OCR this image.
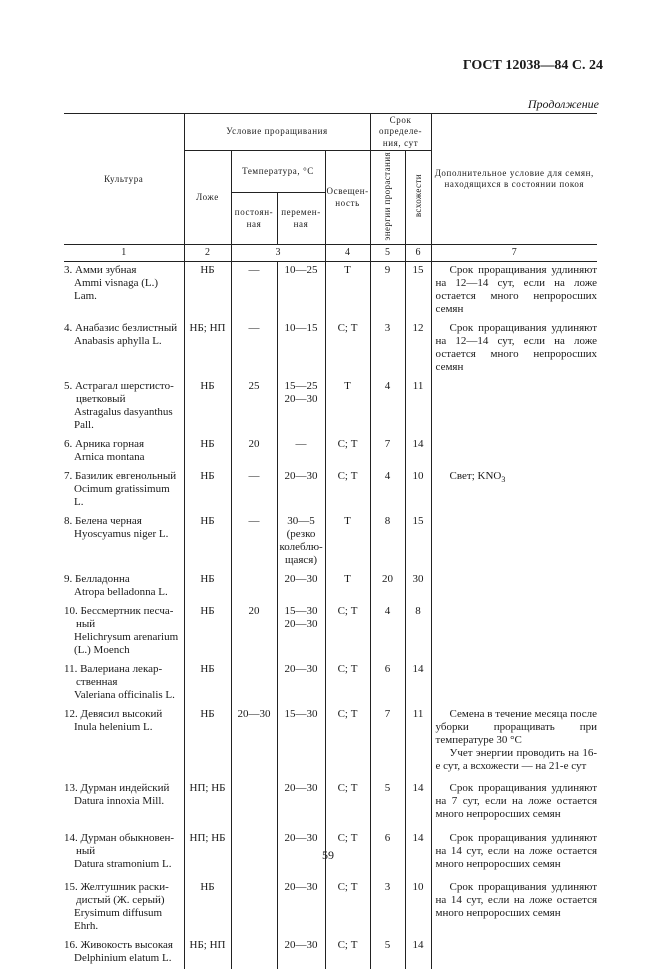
ГОСТ 12038—84 С. 24
Продолжение
Культура	Условие проращивания				Срок определе-ния, сут		Дополнительное условие для семян, находящихся в состоянии покоя
	Ложе	Температура, °С		Освещен-ность	энергии прорастания	всхожести	
		постоян-ная	перемен-ная				
1	2	3		4	5	6	7

3. Амми зубная
Ammi visnaga (L.) Lam.	НБ	—	10—25	Т	9	15	Срок проращивания удлиняют на 12—14 сут, если на ложе остается много непроросших семян

4. Анабазис безлистный
Anabasis aphylla L.	НБ; НП	—	10—15	С; Т	3	12	Срок проращивания удлиняют на 12—14 сут, если на ложе остается много непроросших семян

5. Астрагал шерстисто-цветковый
Astragalus dasyanthus Pall.	НБ	25	15—25 20—30	Т	4	11	

6. Арника горная
Arnica montana	НБ	20	—	С; Т	7	14	

7. Базилик евгенольный
Ocimum gratissimum L.	НБ	—	20—30	С; Т	4	10	Свет; $KNO_3$

8. Белена черная
Hyoscyamus niger L.	НБ	—	30—5 (резко колеблю-щаяся)	Т	8	15	

9. Белладонна
Atropa belladonna L.	НБ		20—30	Т	20	30	

10. Бессмертник песча-ный
Helichrysum arenarium (L.) Moench	НБ	20	15—30 20—30	С; Т	4	8	

11. Валериана лекар-ственная
Valeriana officinalis L.	НБ		20—30	С; Т	6	14	

12. Девясил высокий
Inula helenium L.	НБ	20—30	15—30	С; Т	7	11	Семена в течение месяца после уборки проращивать при температуре 30 °С
Учет энергии проводить на 16-е сут, а всхожести — на 21-е сут

13. Дурман индейский
Datura innoxia Mill.	НП; НБ		20—30	С; Т	5	14	Срок проращивания удлиняют на 7 сут, если на ложе остается много непроросших семян

14. Дурман обыкновен-ный
Datura stramonium L.	НП; НБ		20—30	С; Т	6	14	Срок проращивания удлиняют на 14 сут, если на ложе остается много непроросших семян

15. Желтушник раски-дистый (Ж. серый)
Erysimum diffusum Ehrh.	НБ		20—30	С; Т	3	10	Срок проращивания удлиняют на 14 сут, если на ложе остается много непроросших семян

16. Живокость высокая
Delphinium elatum L.	НБ; НП		20—30	С; Т	5	14	
59
